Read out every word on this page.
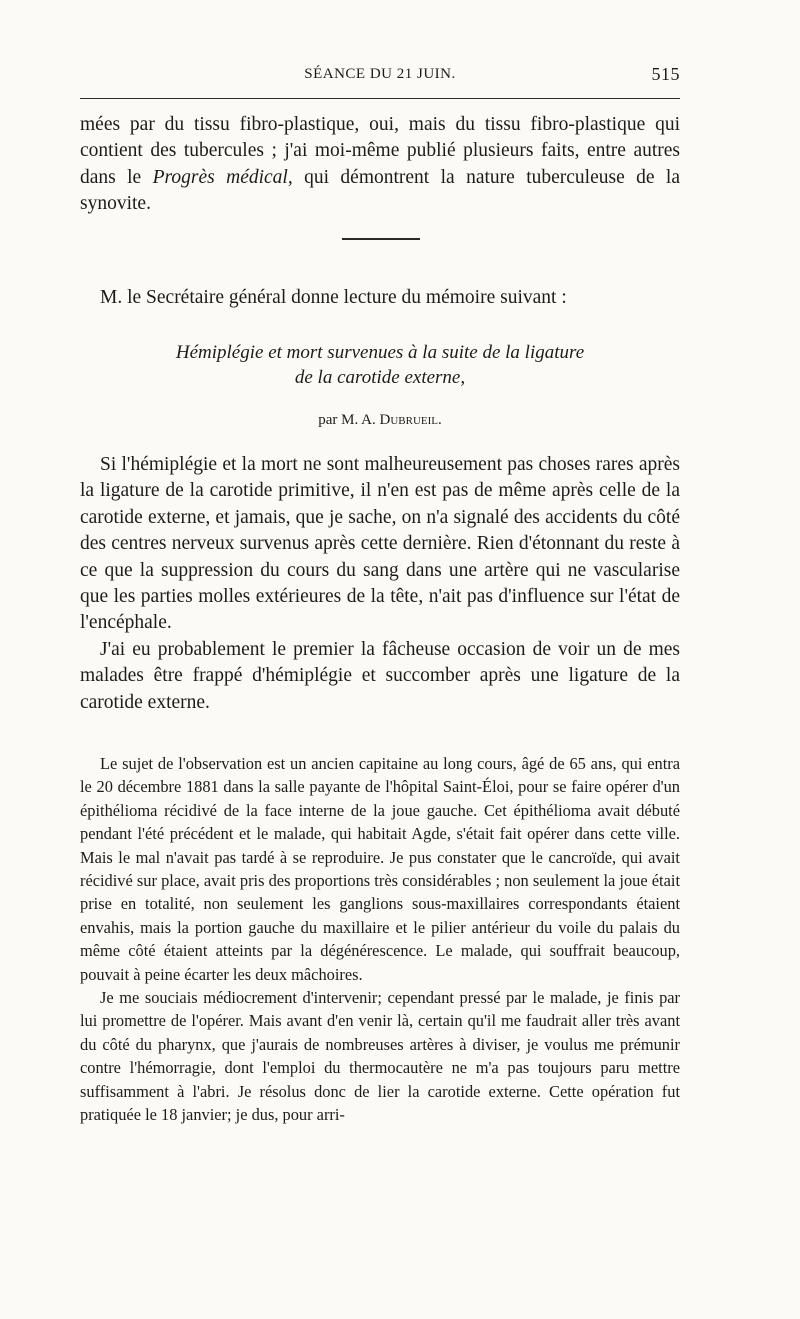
SÉANCE DU 21 JUIN.	515

mées par du tissu fibro-plastique, oui, mais du tissu fibro-plastique qui contient des tubercules ; j'ai moi-même publié plusieurs faits, entre autres dans le Progrès médical, qui démontrent la nature tuberculeuse de la synovite.

M. le Secrétaire général donne lecture du mémoire suivant :

Hémiplégie et mort survenues à la suite de la ligature
de la carotide externe,
par M. A. Dubrueil.

Si l'hémiplégie et la mort ne sont malheureusement pas choses rares après la ligature de la carotide primitive, il n'en est pas de même après celle de la carotide externe, et jamais, que je sache, on n'a signalé des accidents du côté des centres nerveux survenus après cette dernière. Rien d'étonnant du reste à ce que la suppression du cours du sang dans une artère qui ne vascularise que les parties molles extérieures de la tête, n'ait pas d'influence sur l'état de l'encéphale.

J'ai eu probablement le premier la fâcheuse occasion de voir un de mes malades être frappé d'hémiplégie et succomber après une ligature de la carotide externe.

Le sujet de l'observation est un ancien capitaine au long cours, âgé de 65 ans, qui entra le 20 décembre 1881 dans la salle payante de l'hôpital Saint-Éloi, pour se faire opérer d'un épithélioma récidivé de la face interne de la joue gauche. Cet épithélioma avait débuté pendant l'été précédent et le malade, qui habitait Agde, s'était fait opérer dans cette ville. Mais le mal n'avait pas tardé à se reproduire. Je pus constater que le cancroïde, qui avait récidivé sur place, avait pris des proportions très considérables ; non seulement la joue était prise en totalité, non seulement les ganglions sous-maxillaires correspondants étaient envahis, mais la portion gauche du maxillaire et le pilier antérieur du voile du palais du même côté étaient atteints par la dégénérescence. Le malade, qui souffrait beaucoup, pouvait à peine écarter les deux mâchoires.

Je me souciais médiocrement d'intervenir; cependant pressé par le malade, je finis par lui promettre de l'opérer. Mais avant d'en venir là, certain qu'il me faudrait aller très avant du côté du pharynx, que j'aurais de nombreuses artères à diviser, je voulus me prémunir contre l'hémorragie, dont l'emploi du thermocautère ne m'a pas toujours paru mettre suffisamment à l'abri. Je résolus donc de lier la carotide externe. Cette opération fut pratiquée le 18 janvier; je dus, pour arri-
